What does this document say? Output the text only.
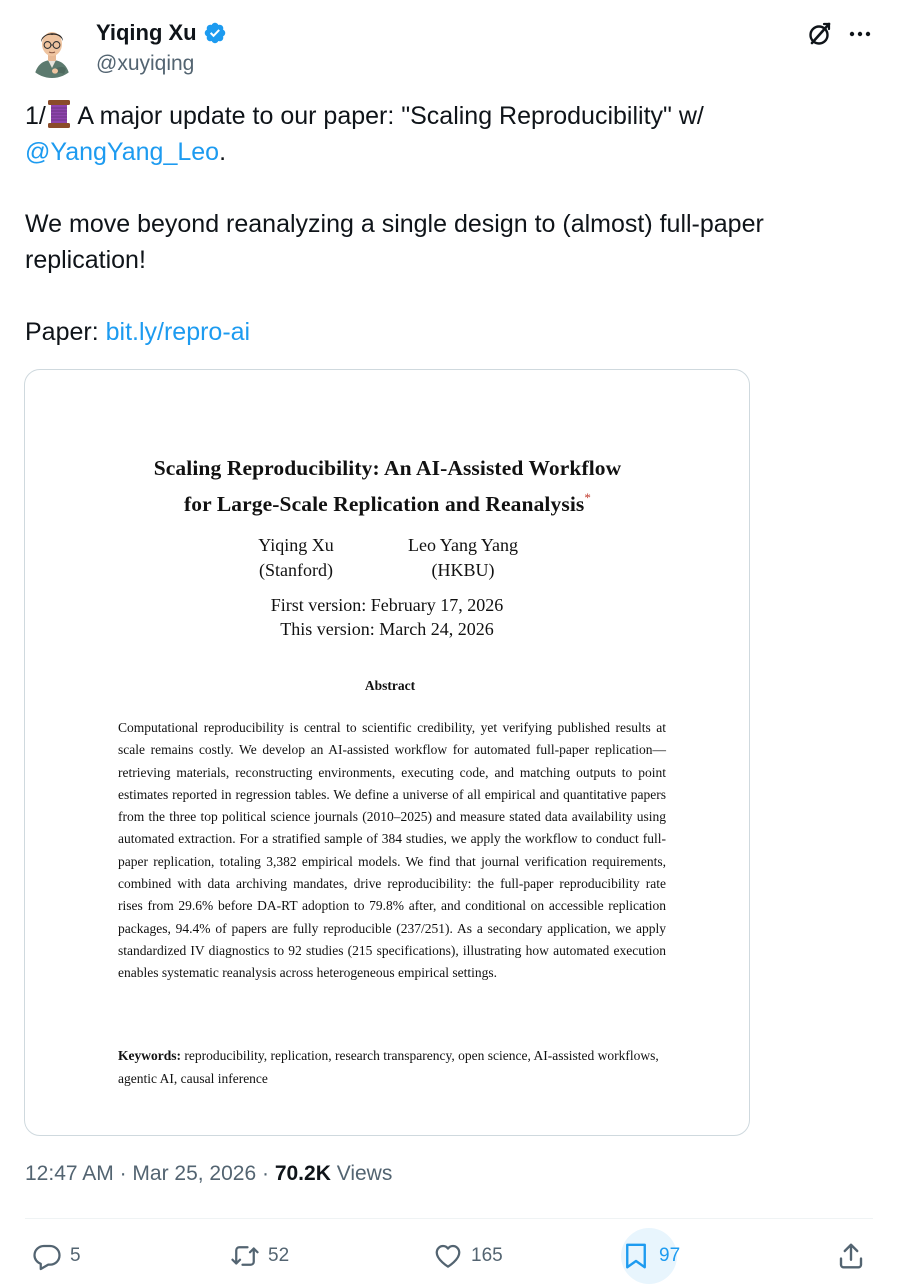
Yiqing Xu
@xuyiqing

1/ A major update to our paper: "Scaling Reproducibility" w/

@YangYang_Leo.

We move beyond reanalyzing a single design to (almost) full-paper replication!

Paper: bit.ly/repro-ai

Scaling Reproducibility: An AI-Assisted Workflow
for Large-Scale Replication and Reanalysis*
Yiqing Xu
(Stanford)
Leo Yang Yang
(HKBU)
First version: February 17, 2026
This version: March 24, 2026
Abstract
Computational reproducibility is central to scientific credibility, yet verifying published results at scale remains costly. We develop an AI-assisted workflow for automated full-paper replication—retrieving materials, reconstructing environments, executing code, and matching outputs to point estimates reported in regression tables. We define a universe of all empirical and quantitative papers from the three top political science journals (2010–2025) and measure stated data availability using automated extraction. For a stratified sample of 384 studies, we apply the workflow to conduct full-paper replication, totaling 3,382 empirical models. We find that journal verification requirements, combined with data archiving mandates, drive reproducibility: the full-paper reproducibility rate rises from 29.6% before DA-RT adoption to 79.8% after, and conditional on accessible replication packages, 94.4% of papers are fully reproducible (237/251). As a secondary application, we apply standardized IV diagnostics to 92 studies (215 specifications), illustrating how automated execution enables systematic reanalysis across heterogeneous empirical settings.
Keywords: reproducibility, replication, research transparency, open science, AI-assisted workflows, agentic AI, causal inference
12:47 AM · Mar 25, 2026 · 70.2K Views
5	52	165	97
